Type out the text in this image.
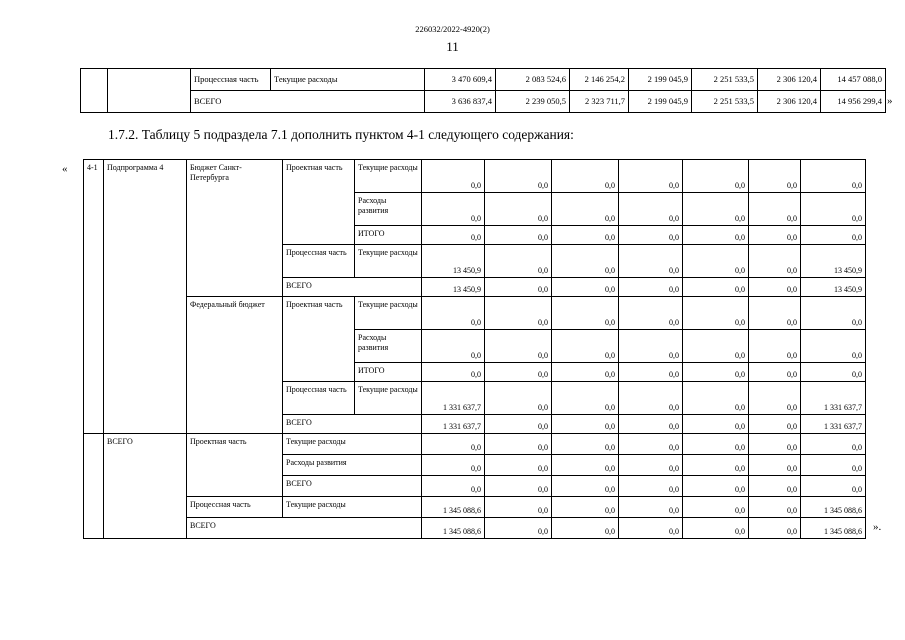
226032/2022-4920(2)
11
		Процессная часть	Текущие расходы	3 470 609,4	2 083 524,6	2 146 254,2	2 199 045,9	2 251 533,5	2 306 120,4	14 457 088,0
		ВСЕГО		3 636 837,4	2 239 050,5	2 323 711,7	2 199 045,9	2 251 533,5	2 306 120,4	14 956 299,4 »
1.7.2. Таблицу 5 подраздела 7.1 дополнить пунктом 4-1 следующего содержания:
« 4-1	Подпрограмма 4	Бюджет Санкт-Петербурга	Проектная часть	Текущие расходы	0,0	0,0	0,0	0,0	0,0	0,0	0,0
				Расходы развития	0,0	0,0	0,0	0,0	0,0	0,0	0,0
				ИТОГО	0,0	0,0	0,0	0,0	0,0	0,0	0,0
			Процессная часть	Текущие расходы	13 450,9	0,0	0,0	0,0	0,0	0,0	13 450,9
			ВСЕГО		13 450,9	0,0	0,0	0,0	0,0	0,0	13 450,9
		Федеральный бюджет	Проектная часть	Текущие расходы	0,0	0,0	0,0	0,0	0,0	0,0	0,0
				Расходы развития	0,0	0,0	0,0	0,0	0,0	0,0	0,0
				ИТОГО	0,0	0,0	0,0	0,0	0,0	0,0	0,0
			Процессная часть	Текущие расходы	1 331 637,7	0,0	0,0	0,0	0,0	0,0	1 331 637,7
			ВСЕГО		1 331 637,7	0,0	0,0	0,0	0,0	0,0	1 331 637,7
	ВСЕГО	Проектная часть	Текущие расходы		0,0	0,0	0,0	0,0	0,0	0,0	0,0
			Расходы развития		0,0	0,0	0,0	0,0	0,0	0,0	0,0
			ВСЕГО		0,0	0,0	0,0	0,0	0,0	0,0	0,0
		Процессная часть	Текущие расходы		1 345 088,6	0,0	0,0	0,0	0,0	0,0	1 345 088,6
		ВСЕГО			1 345 088,6	0,0	0,0	0,0	0,0	0,0	1 345 088,6 ».
